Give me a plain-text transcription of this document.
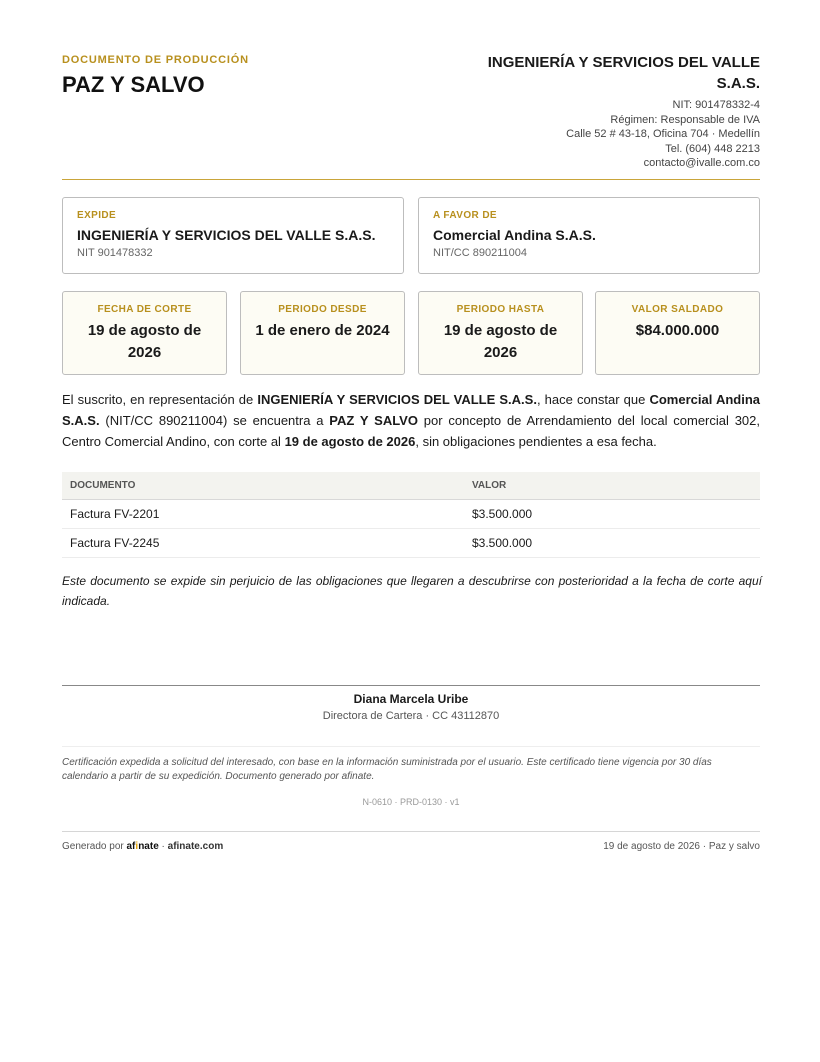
DOCUMENTO DE PRODUCCIÓN
PAZ Y SALVO
INGENIERÍA Y SERVICIOS DEL VALLE S.A.S.
NIT: 901478332-4
Régimen: Responsable de IVA
Calle 52 # 43-18, Oficina 704 · Medellín
Tel. (604) 448 2213
contacto@ivalle.com.co
EXPIDE
INGENIERÍA Y SERVICIOS DEL VALLE S.A.S.
NIT 901478332
A FAVOR DE
Comercial Andina S.A.S.
NIT/CC 890211004
FECHA DE CORTE
19 de agosto de 2026
PERIODO DESDE
1 de enero de 2024
PERIODO HASTA
19 de agosto de 2026
VALOR SALDADO
$84.000.000

El suscrito, en representación de INGENIERÍA Y SERVICIOS DEL VALLE S.A.S., hace constar que Comercial Andina S.A.S. (NIT/CC 890211004) se encuentra a PAZ Y SALVO por concepto de Arrendamiento del local comercial 302, Centro Comercial Andino, con corte al 19 de agosto de 2026, sin obligaciones pendientes a esa fecha.

DOCUMENTO	VALOR
Factura FV-2201	$3.500.000
Factura FV-2245	$3.500.000
Este documento se expide sin perjuicio de las obligaciones que llegaren a descubrirse con posterioridad a la fecha de corte aquí indicada.
Diana Marcela Uribe
Directora de Cartera · CC 43112870
Certificación expedida a solicitud del interesado, con base en la información suministrada por el usuario. Este certificado tiene vigencia por 30 días calendario a partir de su expedición. Documento generado por afinate.
N-0610 · PRD-0130 · v1
Generado por afinate · afinate.com	19 de agosto de 2026 · Paz y salvo
